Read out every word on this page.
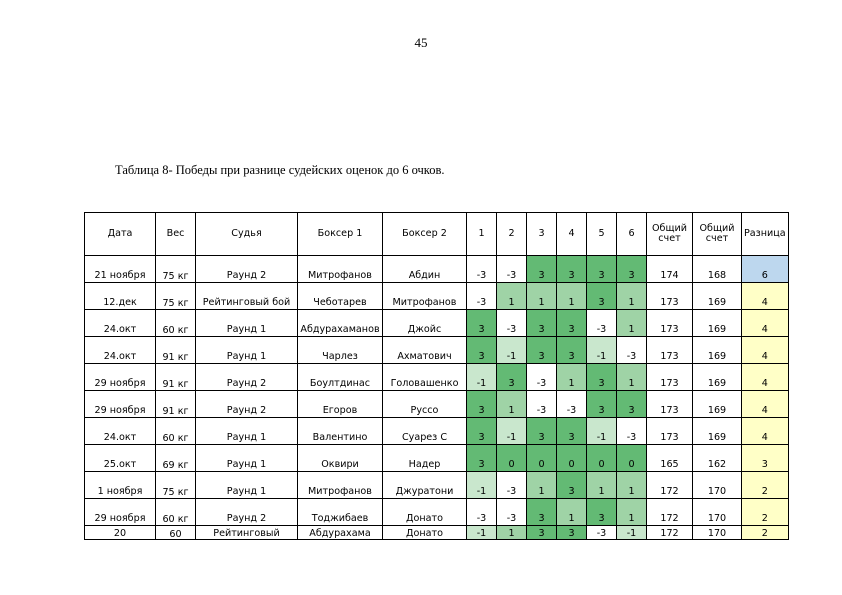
45
Таблица 8- Победы при разнице судейских оценок до 6 очков.
Дата	Вес	Судья	Боксер 1	Боксер 2	1	2	3	4	5	6	Общий счет	Общий счет	Разница
21 ноября	75 кг	Раунд 2	Митрофанов	Абдин	-3	-3	3	3	3	3	174	168	6
12.дек	75 кг	Рейтинговый бой	Чеботарев	Митрофанов	-3	1	1	1	3	1	173	169	4
24.окт	60 кг	Раунд 1	Абдурахаманов	Джойс	3	-3	3	3	-3	1	173	169	4
24.окт	91 кг	Раунд 1	Чарлез	Ахматович	3	-1	3	3	-1	-3	173	169	4
29 ноября	91 кг	Раунд 2	Боултдинас	Головашенко	-1	3	-3	1	3	1	173	169	4
29 ноября	91 кг	Раунд 2	Егоров	Руссо	3	1	-3	-3	3	3	173	169	4
24.окт	60 кг	Раунд 1	Валентино	Суарез С	3	-1	3	3	-1	-3	173	169	4
25.окт	69 кг	Раунд 1	Оквири	Надер	3	0	0	0	0	0	165	162	3
1 ноября	75 кг	Раунд 1	Митрофанов	Джуратони	-1	-3	1	3	1	1	172	170	2
29 ноября	60 кг	Раунд 2	Тоджибаев	Донато	-3	-3	3	1	3	1	172	170	2
20	60	Рейтинговый	Абдурахама	Донато	-1	1	3	3	-3	-1	172	170	2
